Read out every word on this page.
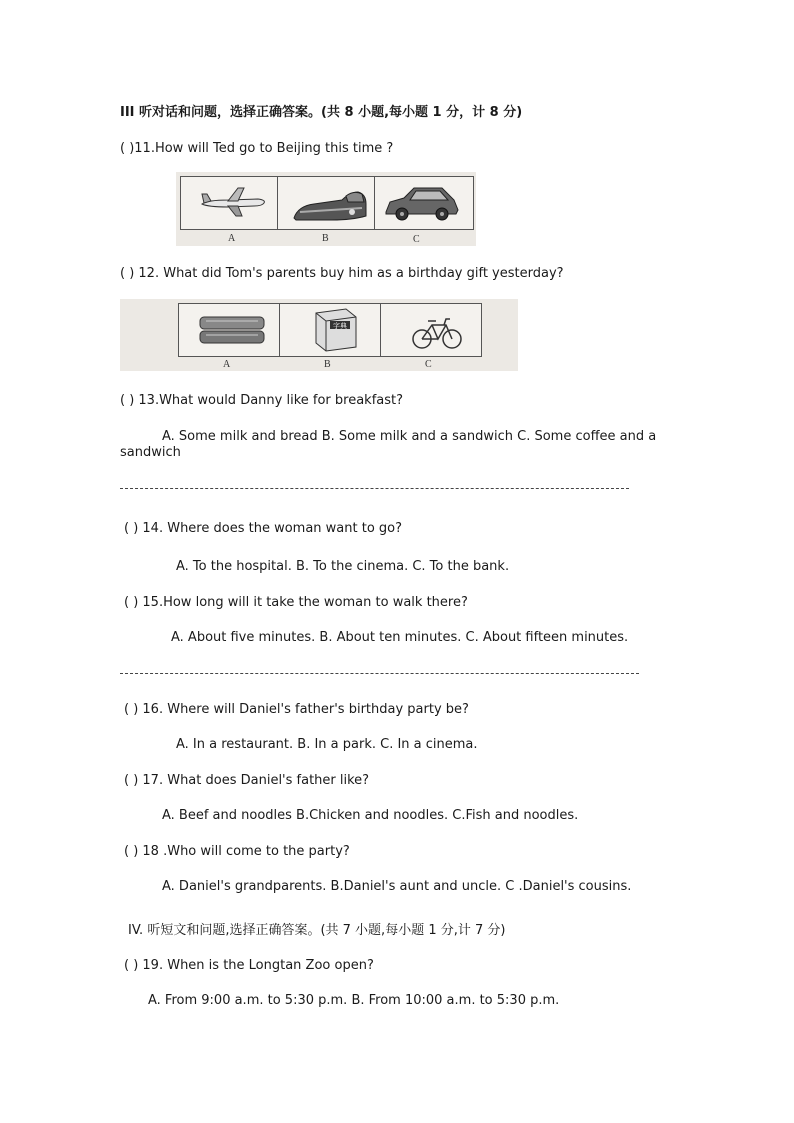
III 听对话和问题，选择正确答案。(共 8 小题,每小题 1 分，计 8 分)
( )11.How will Ted go to Beijing this time ?
A	B	C
( ) 12. What did Tom's parents buy him as a birthday gift yesterday?
字典
A	B	C
( ) 13.What would Danny like for breakfast?
A. Some milk and bread B. Some milk and a sandwich C. Some coffee and a
sandwich
( ) 14. Where does the woman want to go?
A. To the hospital. B. To the cinema. C. To the bank.
( ) 15.How long will it take the woman to walk there?
A. About five minutes. B. About ten minutes. C. About fifteen minutes.
( ) 16. Where will Daniel's father's birthday party be?
A. In a restaurant. B. In a park. C. In a cinema.
( ) 17. What does Daniel's father like?
A. Beef and noodles B.Chicken and noodles. C.Fish and noodles.
( ) 18 .Who will come to the party?
A. Daniel's grandparents. B.Daniel's aunt and uncle. C .Daniel's cousins.
IV. 听短文和问题,选择正确答案。(共 7 小题,每小题 1 分,计 7 分)
( ) 19. When is the Longtan Zoo open?
A. From 9:00 a.m. to 5:30 p.m. B. From 10:00 a.m. to 5:30 p.m.
